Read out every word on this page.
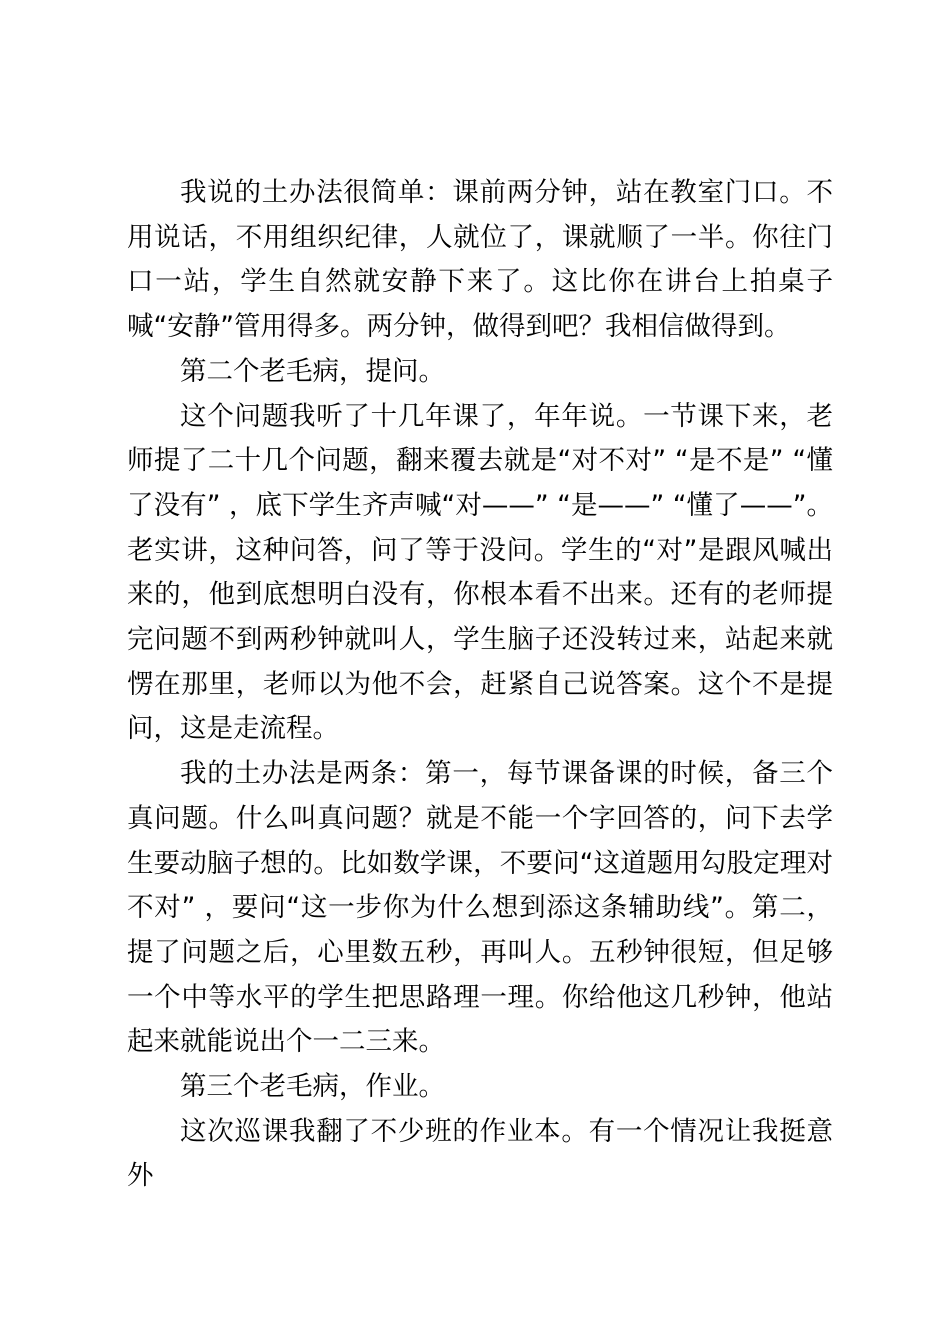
我说的土办法很简单：课前两分钟，站在教室门口。不用说话，不用组织纪律，人就位了，课就顺了一半。你往门口一站，学生自然就安静下来了。这比你在讲台上拍桌子喊“安静”管用得多。两分钟，做得到吧？我相信做得到。

第二个老毛病，提问。

这个问题我听了十几年课了，年年说。一节课下来，老师提了二十几个问题，翻来覆去就是“对不对” “是不是” “懂了没有” ，底下学生齐声喊“对——” “是——” “懂了——”。老实讲，这种问答，问了等于没问。学生的“对”是跟风喊出来的，他到底想明白没有，你根本看不出来。还有的老师提完问题不到两秒钟就叫人，学生脑子还没转过来，站起来就愣在那里，老师以为他不会，赶紧自己说答案。这个不是提问，这是走流程。

我的土办法是两条：第一，每节课备课的时候，备三个真问题。什么叫真问题？就是不能一个字回答的，问下去学生要动脑子想的。比如数学课，不要问“这道题用勾股定理对不对” ，要问“这一步你为什么想到添这条辅助线”。第二，提了问题之后，心里数五秒，再叫人。五秒钟很短，但足够一个中等水平的学生把思路理一理。你给他这几秒钟，他站起来就能说出个一二三来。

第三个老毛病，作业。

这次巡课我翻了不少班的作业本。有一个情况让我挺意外
